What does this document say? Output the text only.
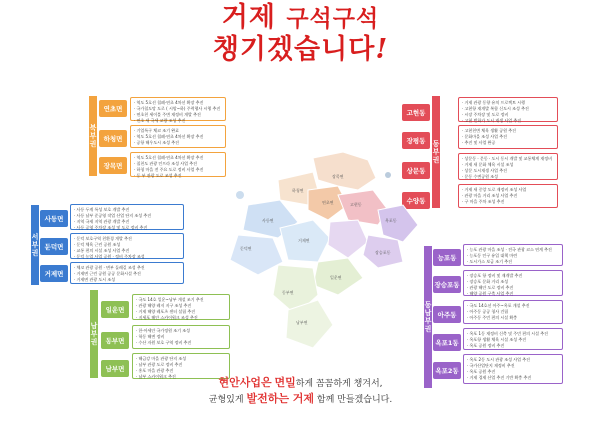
거제 구석구석
챙기겠습니다!
북부권
연초면
· 역도 5호선 철폐·연초 4차선 확장 추진
· 국가철도망 도로 ( 시암~하) 주력행사 시행 추진
· 연초천 세이블 주변 재정비 개발 추진
· 연초 새 국세 교량 조성 추진
하청면
· 기업특구 체코 조기 완료
· 역도 5호선 철폐·연초 4차선 확장 추진
· 공항 해우도시 조성 추진
장목면
· 역도 5호선 철폐·연초 4차선 확장 추진
· 칠천도 관광 인프라 조성 사업 추진
· 하청 마을 전 주요 도로 정비 사업 추진
· 동 부 관광 도로 조성 추진
동부권
고현동
· 거제 관광 동향 유치 프로젝트 시행
· 고현항 재개발 복합 신도시 조성 추진
· 시장 주차장 및 도로 정비
· 고현 번화가 도시 재생 사업 추진
장평동
· 고현천변 체육 생활 공원 추진
· 문화마을 조성 사업 추진
· 추진 및 사업 완공
상문동
· 상문동 · 문동 · 도시 동시 개발 및 교통체계 재정비
· 거제 새 문화 체육 시설 조성
· 상문 도시재생 사업 추진
· 문동 수변공원 조성
수양동
· 거제 새 중앙 도로 재정비 조성 사업
· 관광 마을 거리 조성 사업 추진
· 구 마을 주차 조성 추진
서부권
사등면
· 사등 두계 특성 보호 개발 추진
· 사등 남부 준공영 작업 산업 단지 조성 추진
· 지역 국제 지역 관광 개발 추진
· 사등 공영 주차장 조성 및 도로 정비 추진
둔덕면
· 둔덕 보호구역 친환경 개발 추진
· 둔덕 체육 근린 공원 조성
· 교통 편의 시설 조성 사업 추진
· 둔덕 농업 사업 공원 · 정비 주차장 조성
거제면
· 체코 관광 공원 · 면부 둘레길 조성 추진
· 거제면 근린 공원 공공 문화시설 추진
· 거제면 관광 도시 조성
남부권
일운면
· 국도 14호 일운~남부 개설 조기 추진
· 관광 해양 레저 지구 조성 추진
· 거제 해양 레포츠 센터 설립 추진
· 지세포 해안 스카이워크 조성 추진
동부면
· 한·아세안 국가정원 조기 조성
· 학동 해변 정비
· 수산 자원 보호 구역 정비 추진
남부면
· 해금강 마을 관광 단지 조성
· 남부 관광 도로 정비 추진
· 홍포 마을 관광 추진
· 남부 스카이워크 추진
동남부권
능포동
· 능포 관광 마을 조성 · 전국 관광 코스 연계 추진
· 능포동 인구 유입 대책 마련
· 도시가스 보급 조기 추진
장승포동
· 장승포 항 정비 및 재개발 추진
· 장승포 문화 거리 조성
· 관광 해안 도로 정비 추진
· 해양 공원 구축 사업 추진
아주동
· 국도 14호선 아주~옥포 개설 추진
· 아주동 공공 청사 건립
· 아주동 주민 편의 시설 확충
옥포1동
· 옥포 1동 재정비 신축 및 주민 편의 시설 추진
· 옥포항 생활 체육 시설 조성 추진
· 옥포 공원 정비 추진
옥포2동
· 옥포 2동 도시 관광 조성 사업 추진
· 국가산업단지 재정비 추진
· 옥포 공원 추진
· 거제 경제 산업 추진 기반 확충 추진
장목면
하청면
연초면
사등면
둔덕면
거제면
동부면
남부면
일운면
옥포동
장승포동
고현동
현안사업은 면밀하게 꼼꼼하게 챙겨서,
균형있게 발전하는 거제 함께 만들겠습니다.
